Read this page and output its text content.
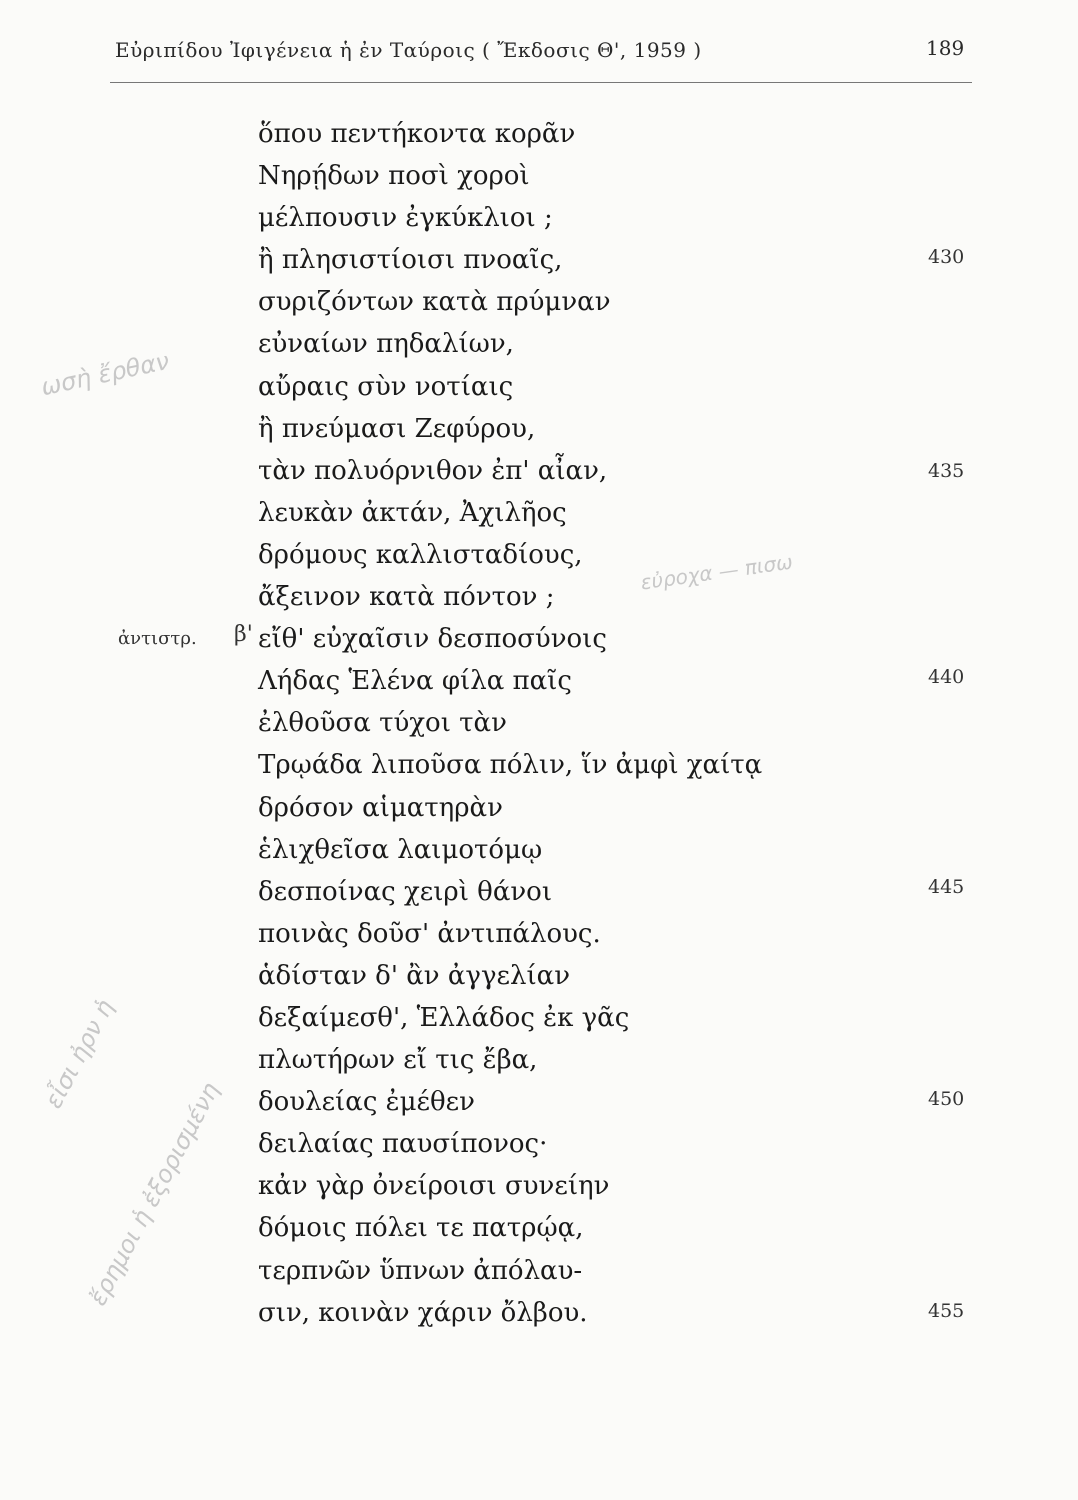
Εὐριπίδου Ἰφιγένεια ἡ ἐν Ταύροις ( Ἔκδοσις Θ', 1959 )	189
ωσὴ ἔρθαν
εὐροχα — πισω
εἶσι ἠρν ἡ
ἔρημοι ἡ ἐξορισμένη
ἀντιστρ. β'
ὅπου πεντήκοντα κορᾶν
Νηρῄδων ποσὶ χοροὶ
μέλπουσιν ἐγκύκλιοι ;
ἢ πλησιστίοισι πνοαῖς,
συριζόντων κατὰ πρύμναν
εὐναίων πηδαλίων,
αὔραις σὺν νοτίαις
ἢ πνεύμασι Ζεφύρου,
τὰν πολυόρνιθον ἐπ' αἶαν,
λευκὰν ἀκτάν, Ἀχιλῆος
δρόμους καλλισταδίους,
ἄξεινον κατὰ πόντον ;
εἴθ' εὐχαῖσιν δεσποσύνοις
Λήδας Ἑλένα φίλα παῖς
ἐλθοῦσα τύχοι τὰν
Τρῳάδα λιποῦσα πόλιν, ἵν ἀμφὶ χαίτᾳ
δρόσον αἱματηρὰν
ἑλιχθεῖσα λαιμοτόμῳ
δεσποίνας χειρὶ θάνοι
ποινὰς δοῦσ' ἀντιπάλους.
ἁδίσταν δ' ἂν ἀγγελίαν
δεξαίμεσθ', Ἑλλάδος ἐκ γᾶς
πλωτήρων εἴ τις ἔβα,
δουλείας ἐμέθεν
δειλαίας παυσίπονος·
κἀν γὰρ ὀνείροισι συνείην
δόμοις πόλει τε πατρῴᾳ,
τερπνῶν ὕπνων ἀπόλαυ-
σιν, κοινὰν χάριν ὄλβου.
430
435
440
445
450
455
